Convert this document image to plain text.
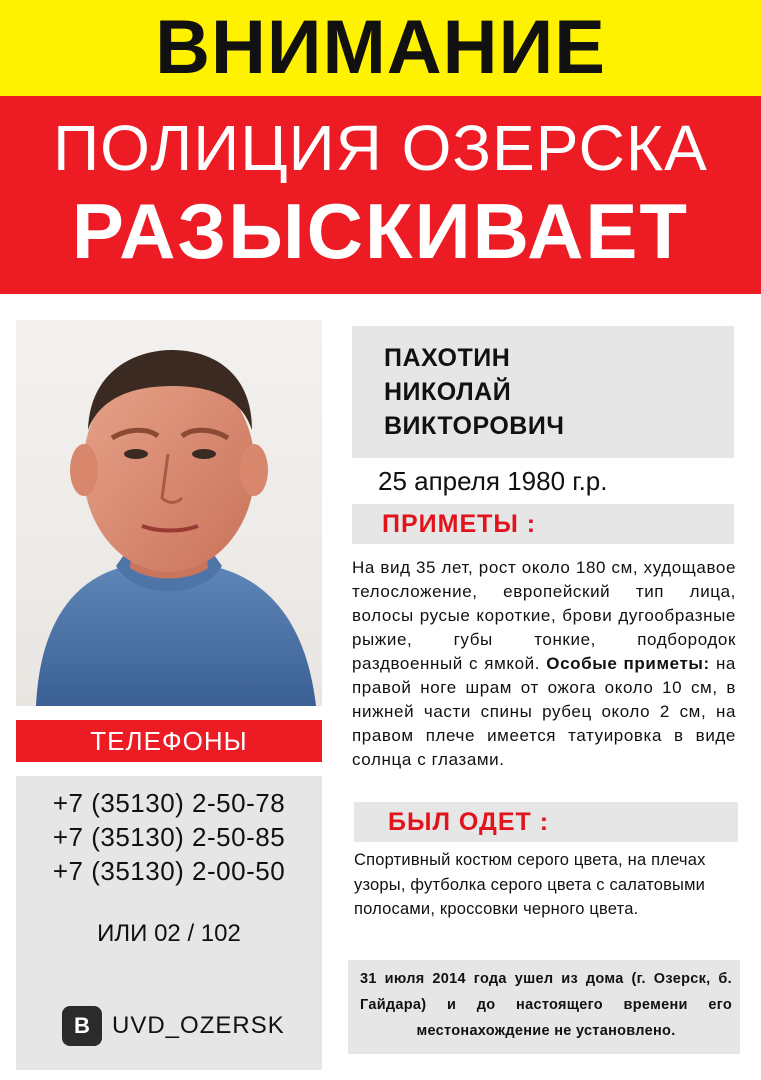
ВНИМАНИЕ
ПОЛИЦИЯ ОЗЕРСКА
РАЗЫСКИВАЕТ
ПАХОТИН
НИКОЛАЙ
ВИКТОРОВИЧ
25 апреля 1980 г.р.
ПРИМЕТЫ :
На вид 35 лет, рост около 180 см, худощавое телосложение, европейский тип лица, волосы русые короткие, брови дугообразные рыжие, губы тонкие, подбородок раздвоенный с ямкой. Особые приметы: на правой ноге шрам от ожога около 10 см, в нижней части спины рубец около 2 см, на правом плече имеется татуировка в виде солнца с глазами.
БЫЛ ОДЕТ :
Спортивный костюм серого цвета, на плечах узоры, футболка серого цвета с салатовыми полосами, кроссовки черного цвета.
31 июля 2014 года ушел из дома (г. Озерск, б. Гайдара) и до настоящего времени его местонахождение не установлено.
ТЕЛЕФОНЫ
+7 (35130) 2-50-78
+7 (35130) 2-50-85
+7 (35130) 2-00-50
ИЛИ 02 / 102
B UVD_OZERSK
